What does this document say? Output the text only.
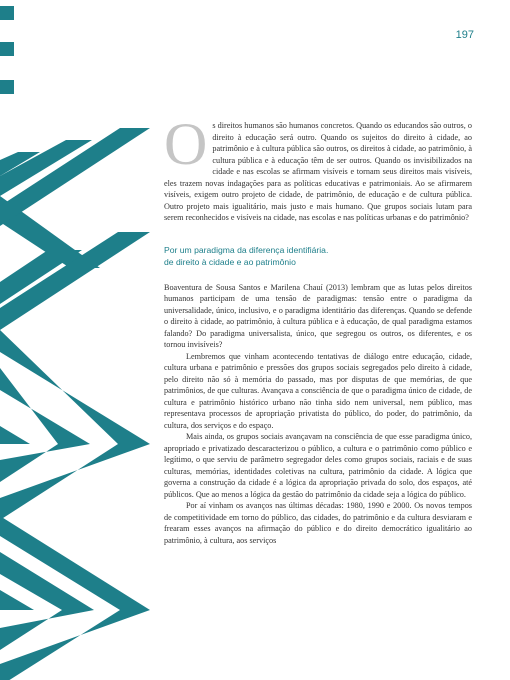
197

Os direitos humanos são humanos concretos. Quando os educandos são outros, o direito à educação será outro. Quando os sujeitos do direito à cidade, ao patrimônio e à cultura pública são outros, os direitos à cidade, ao patrimônio, à cultura pública e à educação têm de ser outros. Quando os invisibilizados na cidade e nas escolas se afirmam visíveis e tornam seus direitos mais visíveis, eles trazem novas indagações para as políticas educativas e patrimoniais. Ao se afirmarem visíveis, exigem outro projeto de cidade, de patrimônio, de educação e de cultura pública. Outro projeto mais igualitário, mais justo e mais humano. Que grupos sociais lutam para serem reconhecidos e visíveis na cidade, nas escolas e nas políticas urbanas e do patrimônio?

Por um paradigma da diferença identifiária.
de direito à cidade e ao patrimônio

Boaventura de Sousa Santos e Marilena Chauí (2013) lembram que as lutas pelos direitos humanos participam de uma tensão de paradigmas: tensão entre o paradigma da universalidade, único, inclusivo, e o paradigma identitário das diferenças. Quando se defende o direito à cidade, ao patrimônio, à cultura pública e à educação, de qual paradigma estamos falando? Do paradigma universalista, único, que segregou os outros, os diferentes, e os tornou invisíveis?

Lembremos que vinham acontecendo tentativas de diálogo entre educação, cidade, cultura urbana e patrimônio e pressões dos grupos sociais segregados pelo direito à cidade, pelo direito não só à memória do passado, mas por disputas de que memórias, de que patrimônios, de que culturas. Avançava a consciência de que o paradigma único de cidade, de cultura e patrimônio histórico urbano não tinha sido nem universal, nem público, mas representava processos de apropriação privatista do público, do poder, do patrimônio, da cultura, dos serviços e do espaço.

Mais ainda, os grupos sociais avançavam na consciência de que esse paradigma único, apropriado e privatizado descaracterizou o público, a cultura e o patrimônio como público e legítimo, o que serviu de parâmetro segregador deles como grupos sociais, raciais e de suas culturas, memórias, identidades coletivas na cultura, patrimônio da cidade. A lógica que governa a construção da cidade é a lógica da apropriação privada do solo, dos espaços, até públicos. Que ao menos a lógica da gestão do patrimônio da cidade seja a lógica do público.

Por aí vinham os avanços nas últimas décadas: 1980, 1990 e 2000. Os novos tempos de competitividade em torno do público, das cidades, do patrimônio e da cultura desviaram e frearam esses avanços na afirmação do público e do direito democrático igualitário ao patrimônio, à cultura, aos serviços
